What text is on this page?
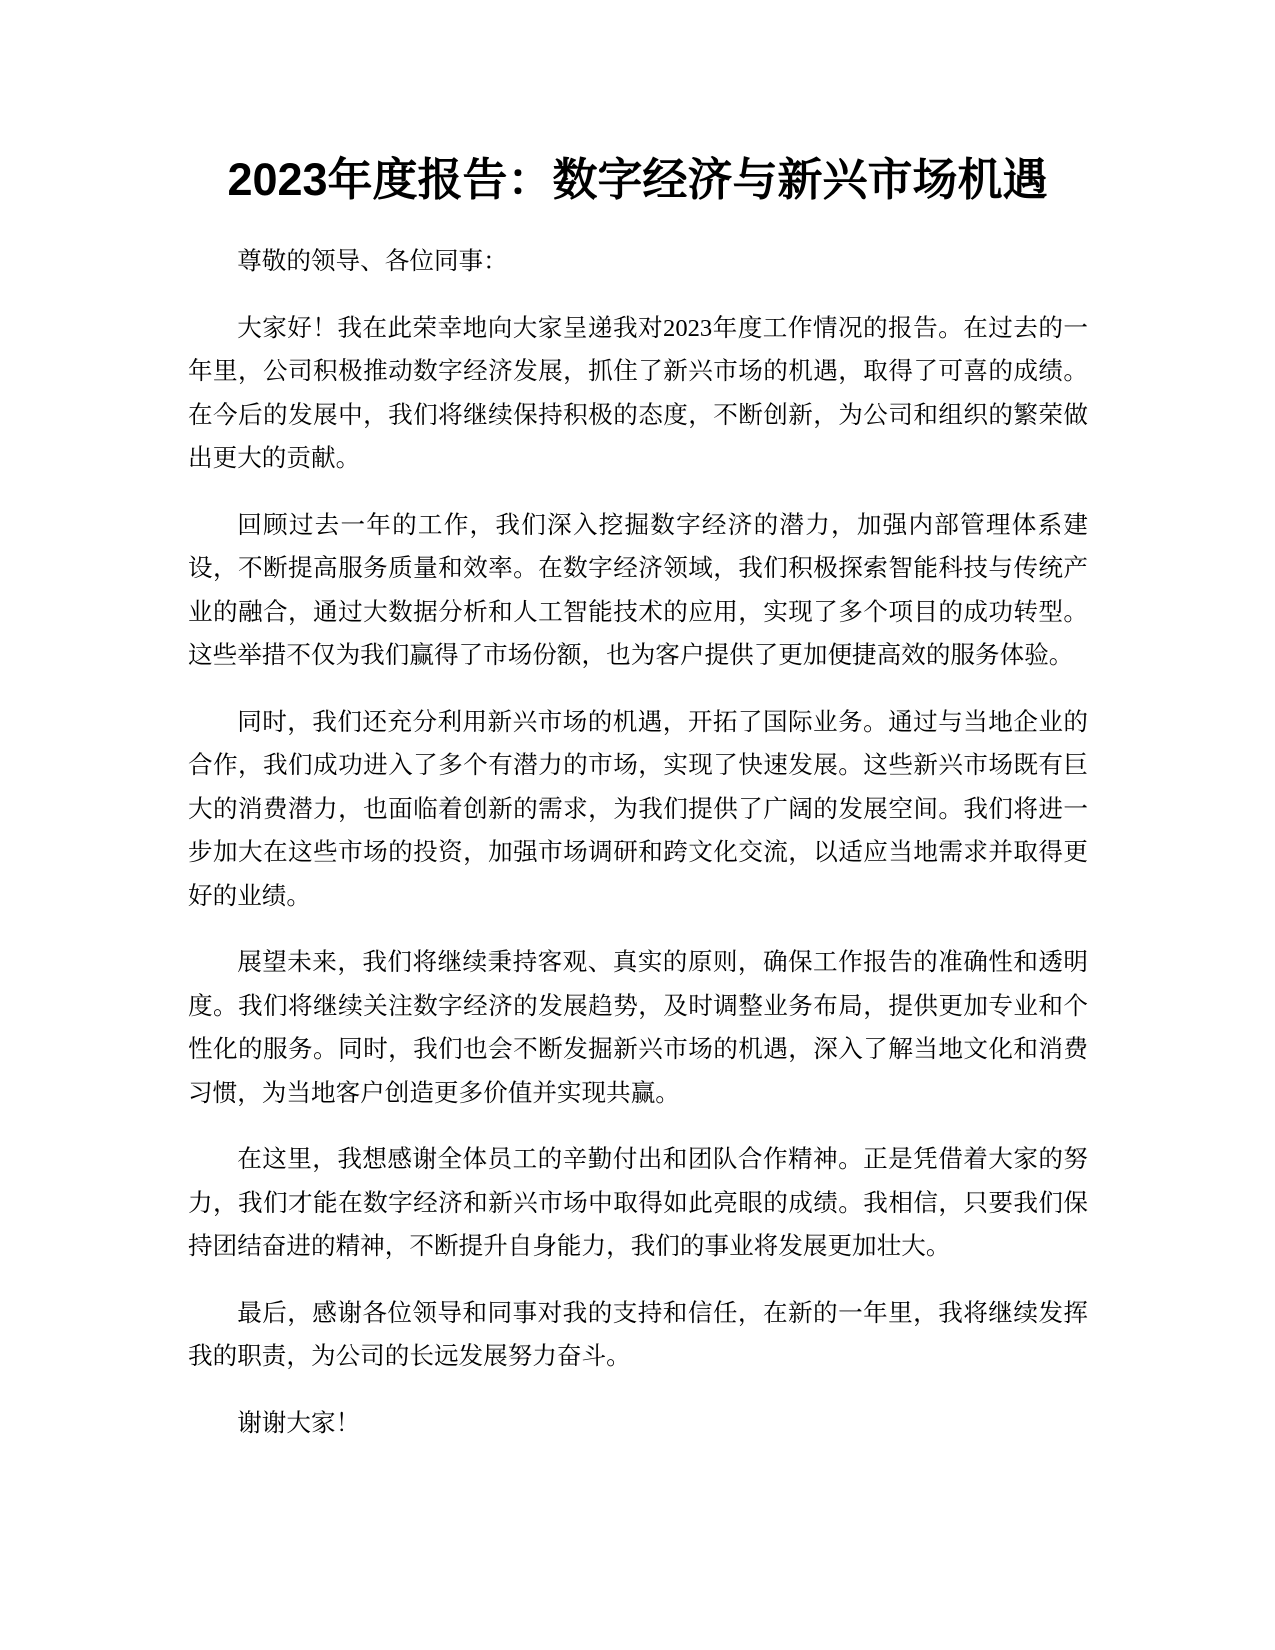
2023年度报告：数字经济与新兴市场机遇

尊敬的领导、各位同事：

大家好！我在此荣幸地向大家呈递我对2023年度工作情况的报告。在过去的一年里，公司积极推动数字经济发展，抓住了新兴市场的机遇，取得了可喜的成绩。在今后的发展中，我们将继续保持积极的态度，不断创新，为公司和组织的繁荣做出更大的贡献。

回顾过去一年的工作，我们深入挖掘数字经济的潜力，加强内部管理体系建设，不断提高服务质量和效率。在数字经济领域，我们积极探索智能科技与传统产业的融合，通过大数据分析和人工智能技术的应用，实现了多个项目的成功转型。这些举措不仅为我们赢得了市场份额，也为客户提供了更加便捷高效的服务体验。

同时，我们还充分利用新兴市场的机遇，开拓了国际业务。通过与当地企业的合作，我们成功进入了多个有潜力的市场，实现了快速发展。这些新兴市场既有巨大的消费潜力，也面临着创新的需求，为我们提供了广阔的发展空间。我们将进一步加大在这些市场的投资，加强市场调研和跨文化交流，以适应当地需求并取得更好的业绩。

展望未来，我们将继续秉持客观、真实的原则，确保工作报告的准确性和透明度。我们将继续关注数字经济的发展趋势，及时调整业务布局，提供更加专业和个性化的服务。同时，我们也会不断发掘新兴市场的机遇，深入了解当地文化和消费习惯，为当地客户创造更多价值并实现共赢。

在这里，我想感谢全体员工的辛勤付出和团队合作精神。正是凭借着大家的努力，我们才能在数字经济和新兴市场中取得如此亮眼的成绩。我相信，只要我们保持团结奋进的精神，不断提升自身能力，我们的事业将发展更加壮大。

最后，感谢各位领导和同事对我的支持和信任，在新的一年里，我将继续发挥我的职责，为公司的长远发展努力奋斗。

谢谢大家！
